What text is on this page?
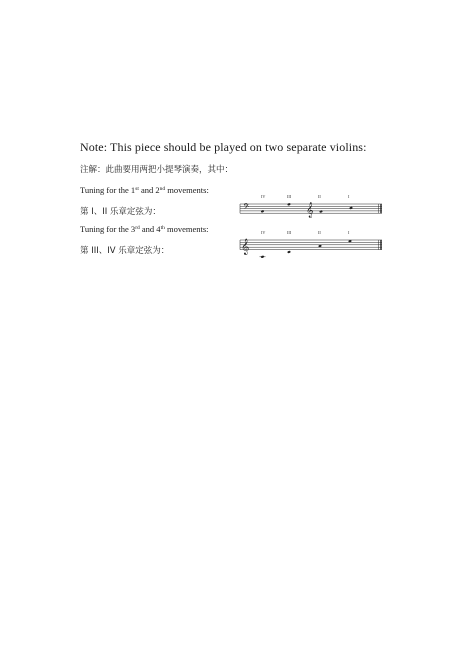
Note: This piece should be played on two separate violins:
注解：此曲要用两把小提琴演奏，其中：
Tuning for the 1st and 2nd movements:
第 I、II 乐章定弦为：
Tuning for the 3rd and 4th movements:
第 III、IV 乐章定弦为：
IV	III	II	I
𝄢	𝄞
IV	III	II	I
𝄞
